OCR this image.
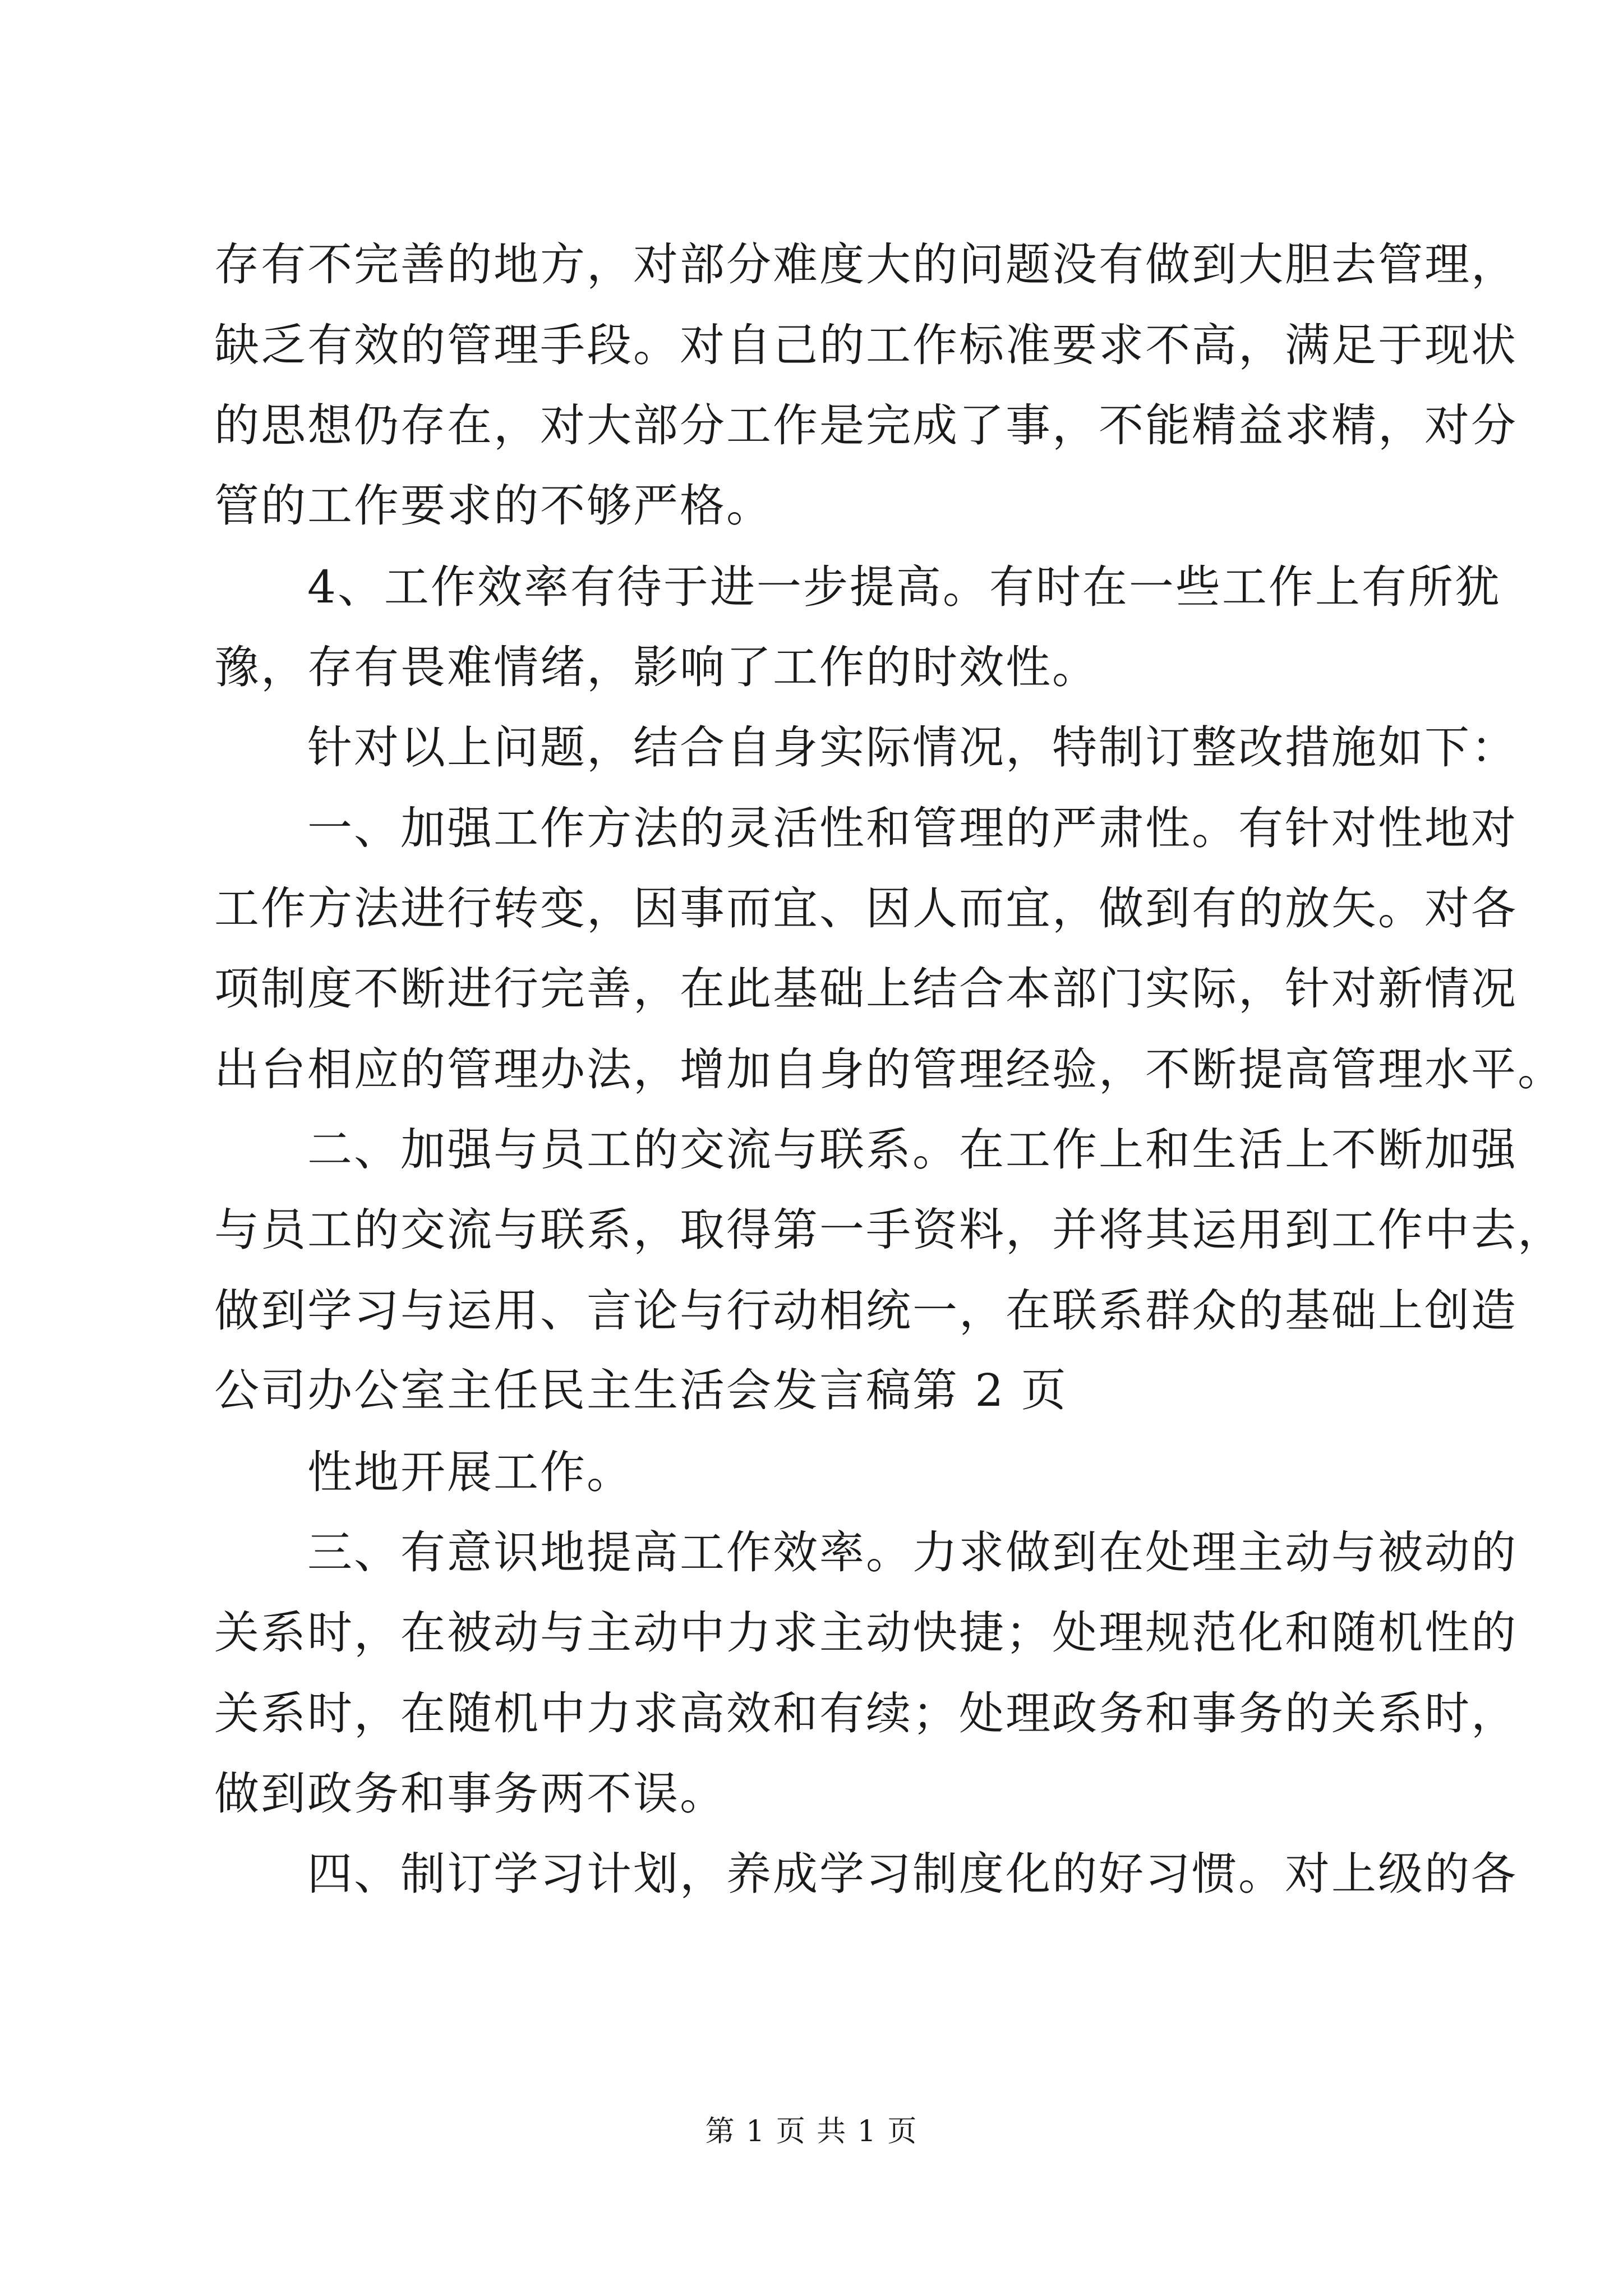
存有不完善的地方，对部分难度大的问题没有做到大胆去管理，
缺乏有效的管理手段。对自己的工作标准要求不高，满足于现状
的思想仍存在，对大部分工作是完成了事，不能精益求精，对分
管的工作要求的不够严格。
4、工作效率有待于进一步提高。有时在一些工作上有所犹
豫，存有畏难情绪，影响了工作的时效性。
针对以上问题，结合自身实际情况，特制订整改措施如下：
一、加强工作方法的灵活性和管理的严肃性。有针对性地对
工作方法进行转变，因事而宜、因人而宜，做到有的放矢。对各
项制度不断进行完善，在此基础上结合本部门实际，针对新情况
出台相应的管理办法，增加自身的管理经验，不断提高管理水平。
二、加强与员工的交流与联系。在工作上和生活上不断加强
与员工的交流与联系，取得第一手资料，并将其运用到工作中去，
做到学习与运用、言论与行动相统一，在联系群众的基础上创造
公司办公室主任民主生活会发言稿第 2 页
性地开展工作。
三、有意识地提高工作效率。力求做到在处理主动与被动的
关系时，在被动与主动中力求主动快捷；处理规范化和随机性的
关系时，在随机中力求高效和有续；处理政务和事务的关系时，
做到政务和事务两不误。
四、制订学习计划，养成学习制度化的好习惯。对上级的各
第 1 页 共 1 页
